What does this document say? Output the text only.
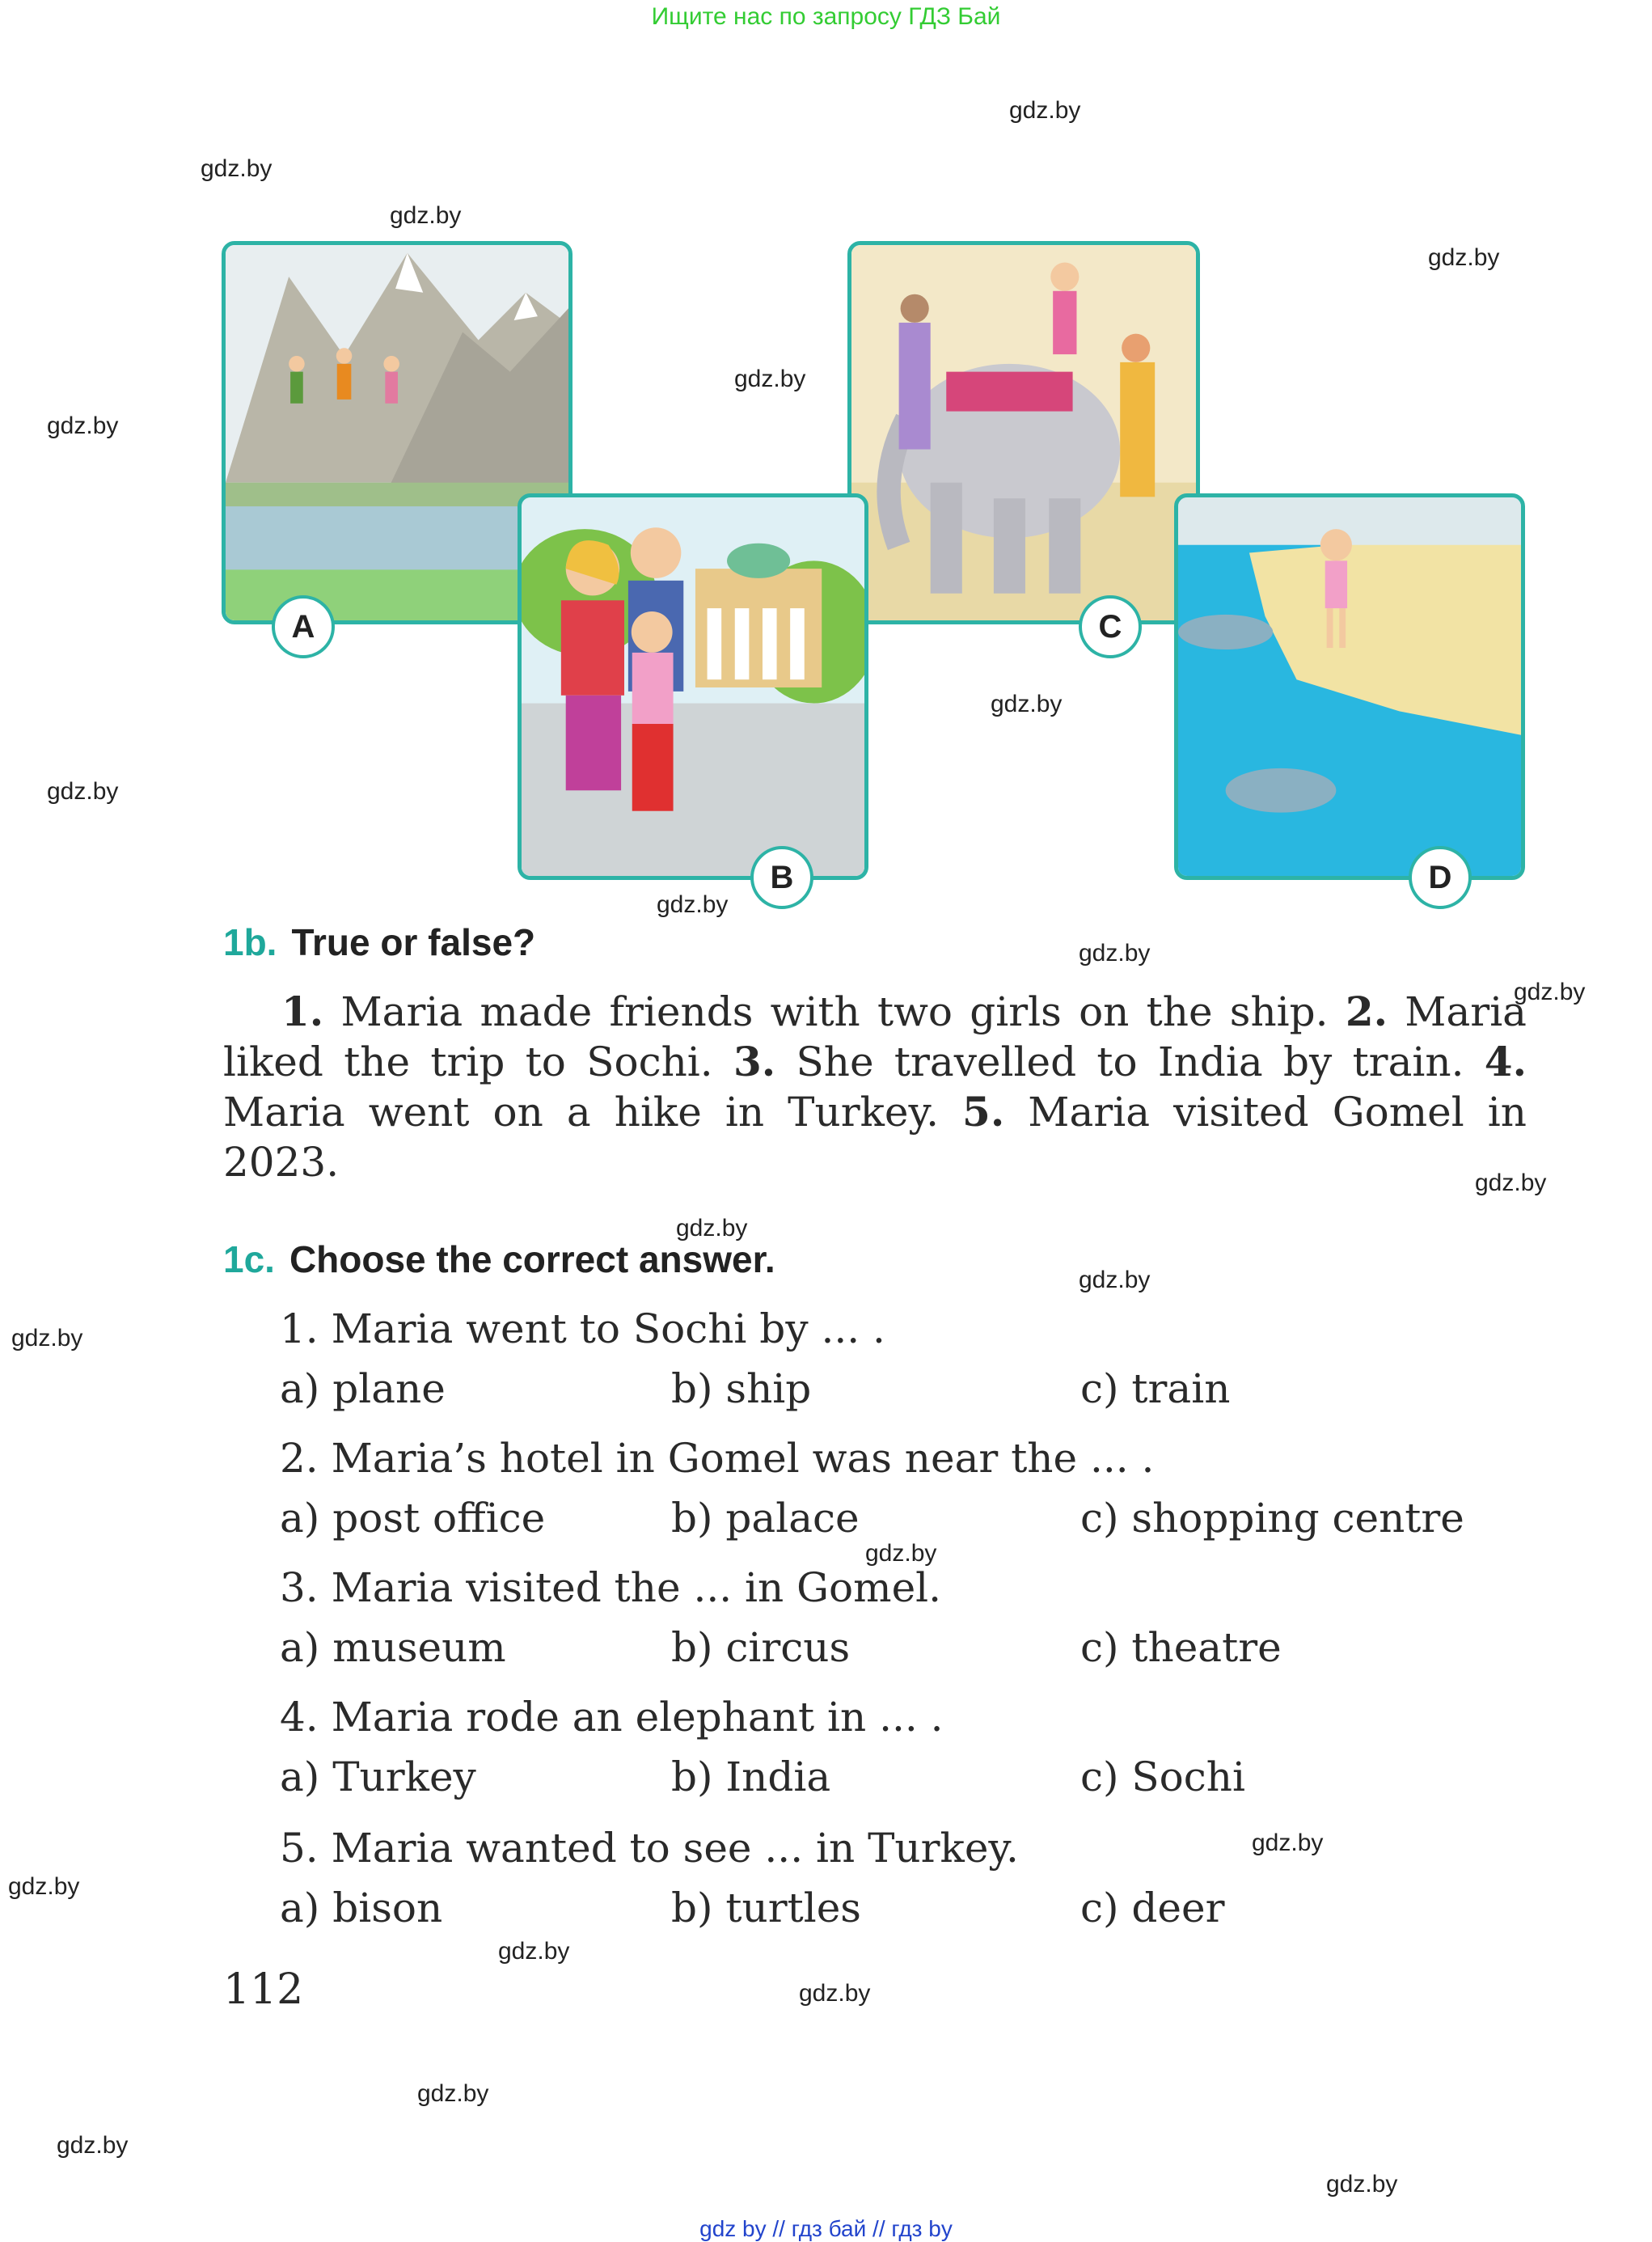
Ищите нас по запросу ГДЗ Бай
gdz.by
gdz.by
gdz.by
gdz.by
gdz.by
gdz.by
gdz.by
gdz.by
gdz.by
gdz.by
gdz.by
gdz.by
gdz.by
gdz.by
gdz.by
gdz.by
gdz.by
gdz.by
gdz.by
gdz.by
gdz.by
gdz.by
gdz.by
A	C
D
B
1b. True or false?
1. Maria made friends with two girls on the ship. 2. Maria liked the trip to Sochi. 3. She travelled to India by train. 4. Maria went on a hike in Turkey. 5. Maria visited Gomel in 2023.
1c. Choose the correct answer.
1. Maria went to Sochi by ... .
a) plane	b) ship	c) train
2. Maria’s hotel in Gomel was near the ... .
a) post office	b) palace	c) shopping centre
3. Maria visited the ... in Gomel.
a) museum	b) circus	c) theatre
4. Maria rode an elephant in ... .
a) Turkey	b) India	c) Sochi
5. Maria wanted to see ... in Turkey.
a) bison	b) turtles	c) deer
112
gdz by // гдз бай // гдз by
